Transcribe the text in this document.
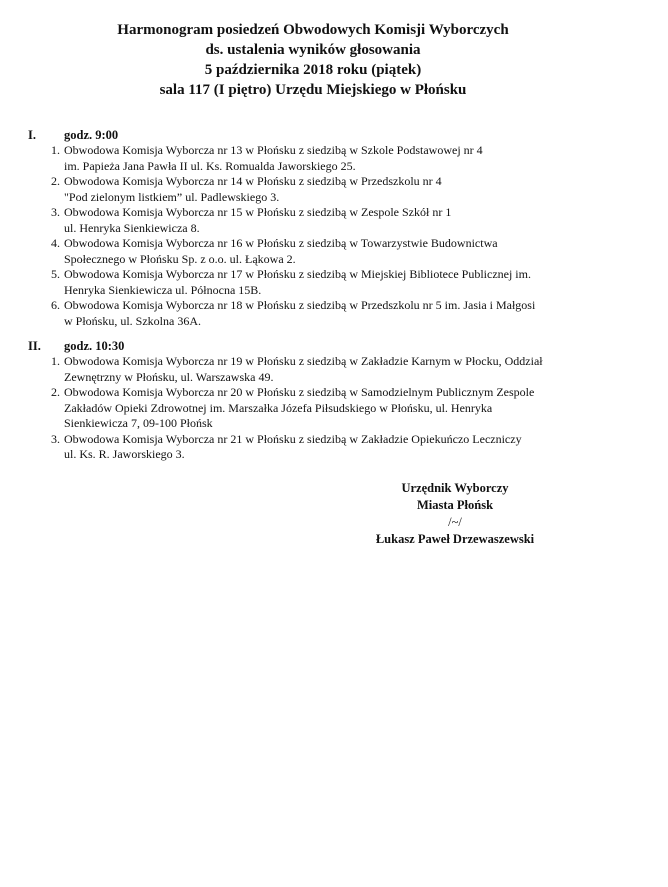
Harmonogram posiedzeń Obwodowych Komisji Wyborczych
ds. ustalenia wyników głosowania
5 października 2018 roku (piątek)
sala 117 (I piętro) Urzędu Miejskiego w Płońsku
I. godz. 9:00
1. Obwodowa Komisja Wyborcza nr 13 w Płońsku z siedzibą w Szkole Podstawowej nr 4
im. Papieża Jana Pawła II ul. Ks. Romualda Jaworskiego 25.
2. Obwodowa Komisja Wyborcza nr 14 w Płońsku z siedzibą w Przedszkolu nr 4
"Pod zielonym listkiem” ul. Padlewskiego 3.
3. Obwodowa Komisja Wyborcza nr 15 w Płońsku z siedzibą w Zespole Szkół nr 1
ul. Henryka Sienkiewicza 8.
4. Obwodowa Komisja Wyborcza nr 16 w Płońsku z siedzibą w Towarzystwie Budownictwa
Społecznego w Płońsku Sp. z o.o. ul. Łąkowa 2.
5. Obwodowa Komisja Wyborcza nr 17 w Płońsku z siedzibą w Miejskiej Bibliotece Publicznej im.
Henryka Sienkiewicza ul. Północna 15B.
6. Obwodowa Komisja Wyborcza nr 18 w Płońsku z siedzibą w Przedszkolu nr 5 im. Jasia i Małgosi
w Płońsku, ul. Szkolna 36A.
II. godz. 10:30
1. Obwodowa Komisja Wyborcza nr 19 w Płońsku z siedzibą w Zakładzie Karnym w Płocku, Oddział
Zewnętrzny w Płońsku, ul. Warszawska 49.
2. Obwodowa Komisja Wyborcza nr 20 w Płońsku z siedzibą w Samodzielnym Publicznym Zespole
Zakładów Opieki Zdrowotnej im. Marszałka Józefa Piłsudskiego w Płońsku, ul. Henryka
Sienkiewicza 7, 09-100 Płońsk
3. Obwodowa Komisja Wyborcza nr 21 w Płońsku z siedzibą w Zakładzie Opiekuńczo Leczniczy
ul. Ks. R. Jaworskiego 3.
Urzędnik Wyborczy
Miasta Płońsk
/~/
Łukasz Paweł Drzewaszewski
